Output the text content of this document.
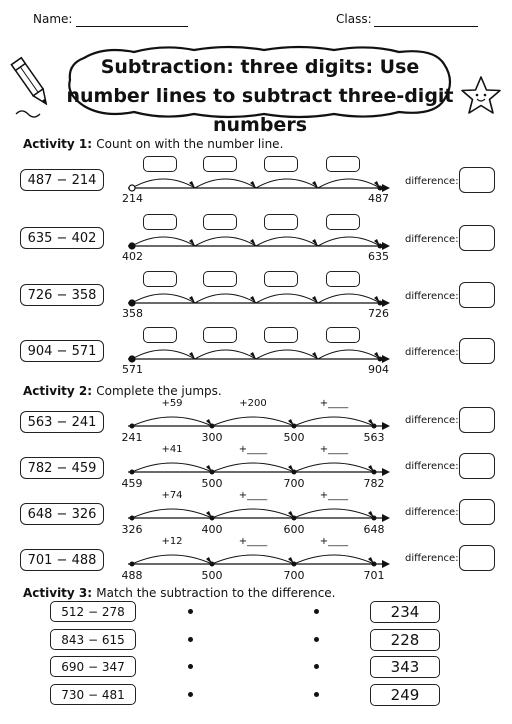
Name:	Class:
Subtraction: three digits: Use number lines to subtract three-digit numbers
Activity 1: Count on with the number line.
487 − 214
214	487
difference:
635 − 402
402	635
difference:
726 − 358
358	726
difference:
904 − 571
571	904
difference:
Activity 2: Complete the jumps.
563 − 241
+59	+200	+____
241	300	500	563
difference:
782 − 459
+41	+____	+____
459	500	700	782
difference:
648 − 326
+74	+____	+____
326	400	600	648
difference:
701 − 488
+12	+____	+____
488	500	700	701
difference:
Activity 3: Match the subtraction to the difference.
512 − 278	234
843 − 615	228
690 − 347	343
730 − 481	249
